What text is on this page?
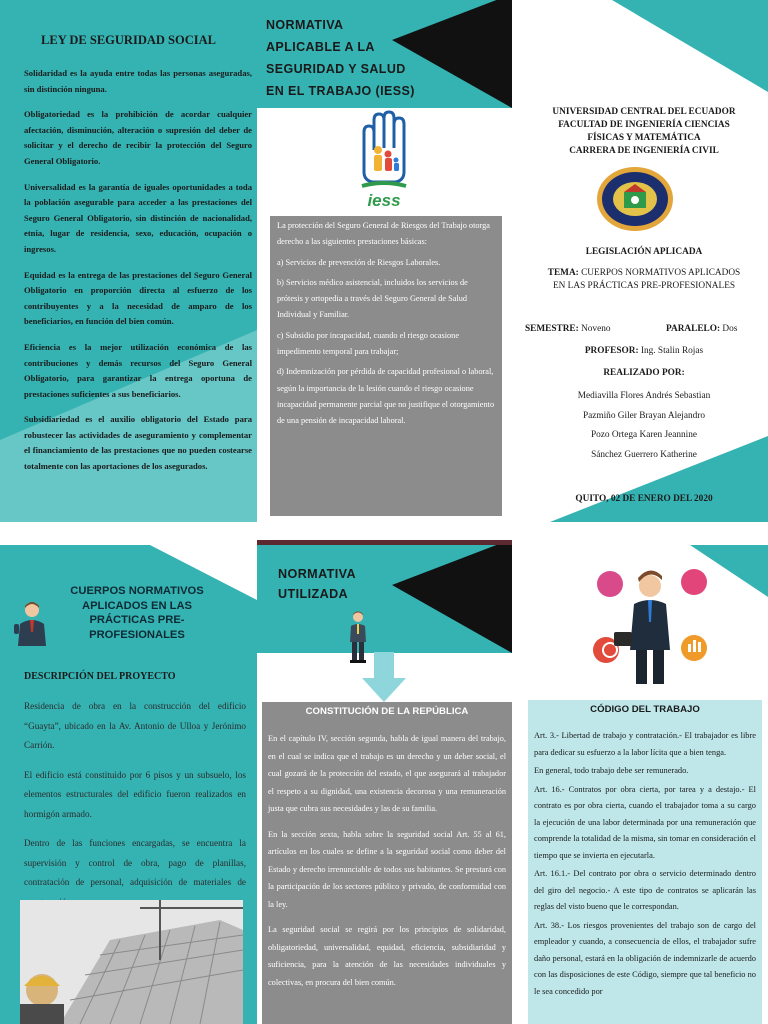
LEY DE SEGURIDAD SOCIAL

Solidaridad es la ayuda entre todas las personas aseguradas, sin distinción ninguna.

Obligatoriedad es la prohibición de acordar cualquier afectación, disminución, alteración o supresión del deber de solicitar y el derecho de recibir la protección del Seguro General Obligatorio.

Universalidad es la garantía de iguales oportunidades a toda la población asegurable para acceder a las prestaciones del Seguro General Obligatorio, sin distinción de nacionalidad, etnia, lugar de residencia, sexo, educación, ocupación o ingresos.

Equidad es la entrega de las prestaciones del Seguro General Obligatorio en proporción directa al esfuerzo de los contribuyentes y a la necesidad de amparo de los beneficiarios, en función del bien común.

Eficiencia es la mejor utilización económica de las contribuciones y demás recursos del Seguro General Obligatorio, para garantizar la entrega oportuna de prestaciones suficientes a sus beneficiarios.

Subsidiariedad es el auxilio obligatorio del Estado para robustecer las actividades de aseguramiento y complementar el financiamiento de las prestaciones que no pueden costearse totalmente con las aportaciones de los asegurados.

NORMATIVA APLICABLE A LA SEGURIDAD Y SALUD EN EL TRABAJO (IESS)
iess

La protección del Seguro General de Riesgos del Trabajo otorga derecho a las siguientes prestaciones básicas:

a) Servicios de prevención de Riesgos Laborales.

b) Servicios médico asistencial, incluidos los servicios de prótesis y ortopedia a través del Seguro General de Salud Individual y Familiar.

c) Subsidio por incapacidad, cuando el riesgo ocasione impedimento temporal para trabajar;

d) Indemnización por pérdida de capacidad profesional o laboral, según la importancia de la lesión cuando el riesgo ocasione incapacidad permanente parcial que no justifique el otorgamiento de una pensión de incapacidad laboral.

UNIVERSIDAD CENTRAL DEL ECUADOR
FACULTAD DE INGENIERÍA CIENCIAS
FÍSICAS Y MATEMÁTICA
CARRERA DE INGENIERÍA CIVIL
LEGISLACIÓN APLICADA
TEMA: CUERPOS NORMATIVOS APLICADOS
EN LAS PRÁCTICAS PRE-PROFESIONALES
SEMESTRE: Noveno	PARALELO: Dos
PROFESOR: Ing. Stalin Rojas
REALIZADO POR:
Mediavilla Flores Andrés Sebastian
Pazmiño Giler Brayan Alejandro
Pozo Ortega Karen Jeannine
Sánchez Guerrero Katherine
QUITO, 02 DE ENERO DEL 2020
CUERPOS NORMATIVOS APLICADOS EN LAS PRÁCTICAS PRE-PROFESIONALES
DESCRIPCIÓN DEL PROYECTO

Residencia de obra en la construcción del edificio “Guayta”, ubicado en la Av. Antonio de Ulloa y Jerónimo Carrión.

El edificio está constituido por 6 pisos y un subsuelo, los elementos estructurales del edificio fueron realizados en hormigón armado.

Dentro de las funciones encargadas, se encuentra la supervisión y control de obra, pago de planillas, contratación de personal, adquisición de materiales de

NORMATIVA UTILIZADA
CONSTITUCIÓN DE LA REPÚBLICA

En el capítulo IV, sección segunda, habla de igual manera del trabajo, en el cual se indica que el trabajo es un derecho y un deber social, el cual gozará de la protección del estado, el que asegurará al trabajador el respeto a su dignidad, una existencia decorosa y una remuneración justa que cubra sus necesidades y las de su familia.

En la sección sexta, habla sobre la seguridad social Art. 55 al 61, artículos en los cuales se define a la seguridad social como deber del Estado y derecho irrenunciable de todos sus habitantes. Se prestará con la participación de los sectores público y privado, de conformidad con la ley.

La seguridad social se regirá por los principios de solidaridad, obligatoriedad, universalidad, equidad, eficiencia, subsidiaridad y suficiencia, para la atención de las necesidades individuales y colectivas, en procura del bien común.

CÓDIGO DEL TRABAJO

Art. 3.- Libertad de trabajo y contratación.- El trabajador es libre para dedicar su esfuerzo a la labor lícita que a bien tenga.

En general, todo trabajo debe ser remunerado.

Art. 16.- Contratos por obra cierta, por tarea y a destajo.- El contrato es por obra cierta, cuando el trabajador toma a su cargo la ejecución de una labor determinada por una remuneración que comprende la totalidad de la misma, sin tomar en consideración el tiempo que se invierta en ejecutarla.

Art. 16.1.- Del contrato por obra o servicio determinado dentro del giro del negocio.- A este tipo de contratos se aplicarán las reglas del visto bueno que le correspondan.

Art. 38.- Los riesgos provenientes del trabajo son de cargo del empleador y cuando, a consecuencia de ellos, el trabajador sufre daño personal, estará en la obligación de indemnizarle de acuerdo con las disposiciones de este Código, siempre que tal beneficio no le sea concedido por
